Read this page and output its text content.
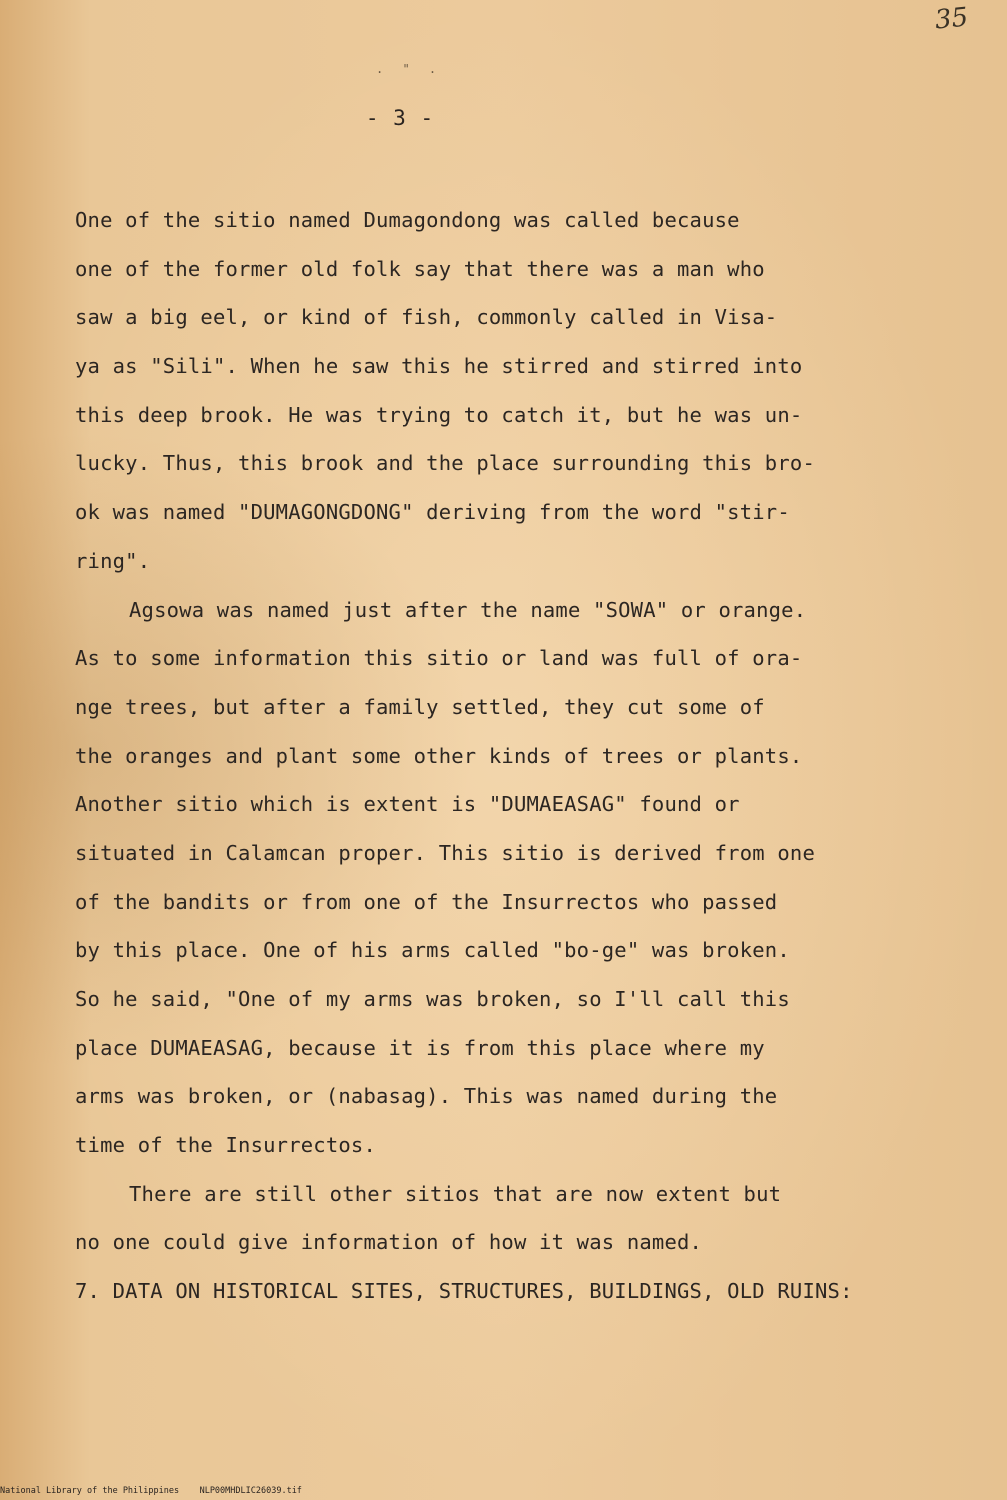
35
. " .
- 3 -
One of the sitio named Dumagondong was called because
one of the former old folk say that there was a man who
saw a big eel, or kind of fish, commonly called in Visa-
ya as "Sili". When he saw this he stirred and stirred into
this deep brook. He was trying to catch it, but he was un-
lucky. Thus, this brook and the place surrounding this bro-
ok was named "DUMAGONGDONG" deriving from the word "stir-
ring".
Agsowa was named just after the name "SOWA" or orange.
As to some information this sitio or land was full of ora-
nge trees, but after a family settled, they cut some of
the oranges and plant some other kinds of trees or plants.
Another sitio which is extent is "DUMAEASAG" found or
situated in Calamcan proper. This sitio is derived from one
of the bandits or from one of the Insurrectos who passed
by this place. One of his arms called "bo-ge" was broken.
So he said, "One of my arms was broken, so I'll call this
place DUMAEASAG, because it is from this place where my
arms was broken, or (nabasag). This was named during the
time of the Insurrectos.
There are still other sitios that are now extent but
no one could give information of how it was named.
7. DATA ON HISTORICAL SITES, STRUCTURES, BUILDINGS, OLD RUINS:
National Library of the Philippines    NLP00MHDLIC26039.tif
